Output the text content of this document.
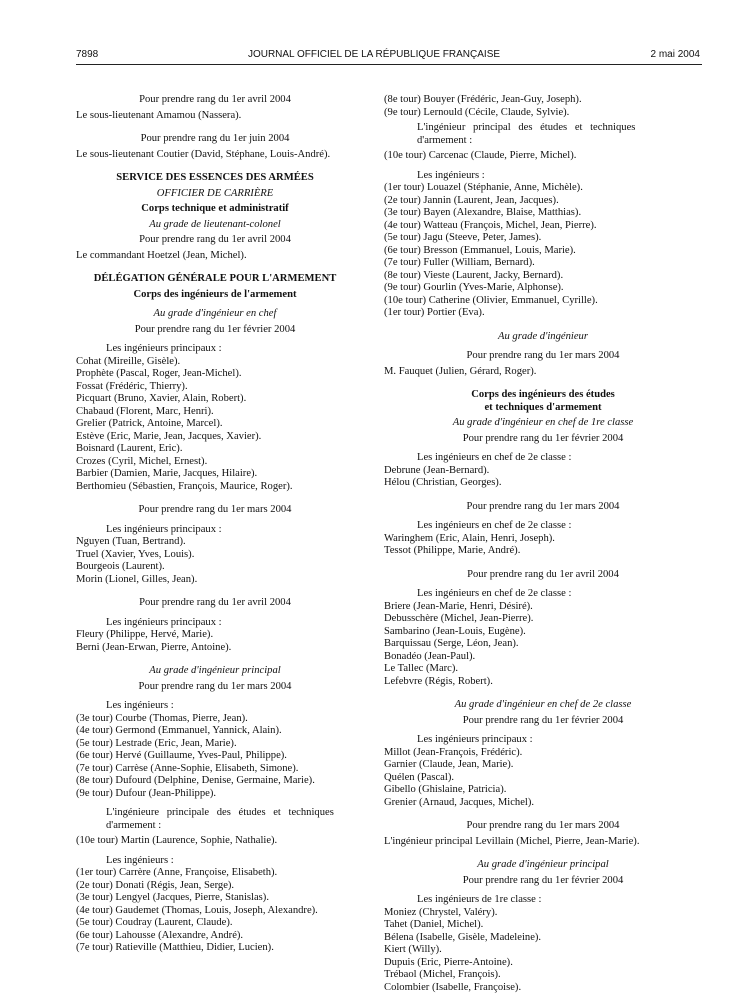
7898	JOURNAL OFFICIEL DE LA RÉPUBLIQUE FRANÇAISE	2 mai 2004
Pour prendre rang du 1er avril 2004
Le sous-lieutenant Amamou (Nassera).
Pour prendre rang du 1er juin 2004
Le sous-lieutenant Coutier (David, Stéphane, Louis-André).
SERVICE DES ESSENCES DES ARMÉES
OFFICIER DE CARRIÈRE
Corps technique et administratif
Au grade de lieutenant-colonel
Pour prendre rang du 1er avril 2004
Le commandant Hoetzel (Jean, Michel).
DÉLÉGATION GÉNÉRALE POUR L'ARMEMENT
Corps des ingénieurs de l'armement
Au grade d'ingénieur en chef
Pour prendre rang du 1er février 2004
Les ingénieurs principaux :
Cohat (Mireille, Gisèle).
Prophète (Pascal, Roger, Jean-Michel).
Fossat (Frédéric, Thierry).
Picquart (Bruno, Xavier, Alain, Robert).
Chabaud (Florent, Marc, Henri).
Grelier (Patrick, Antoine, Marcel).
Estève (Eric, Marie, Jean, Jacques, Xavier).
Boisnard (Laurent, Eric).
Crozes (Cyril, Michel, Ernest).
Barbier (Damien, Marie, Jacques, Hilaire).
Berthomieu (Sébastien, François, Maurice, Roger).
Pour prendre rang du 1er mars 2004
Les ingénieurs principaux :
Nguyen (Tuan, Bertrand).
Truel (Xavier, Yves, Louis).
Bourgeois (Laurent).
Morin (Lionel, Gilles, Jean).
Pour prendre rang du 1er avril 2004
Les ingénieurs principaux :
Fleury (Philippe, Hervé, Marie).
Berni (Jean-Erwan, Pierre, Antoine).
Au grade d'ingénieur principal
Pour prendre rang du 1er mars 2004
Les ingénieurs :
(3e tour) Courbe (Thomas, Pierre, Jean).
(4e tour) Germond (Emmanuel, Yannick, Alain).
(5e tour) Lestrade (Eric, Jean, Marie).
(6e tour) Hervé (Guillaume, Yves-Paul, Philippe).
(7e tour) Carrèse (Anne-Sophie, Elisabeth, Simone).
(8e tour) Dufourd (Delphine, Denise, Germaine, Marie).
(9e tour) Dufour (Jean-Philippe).
L'ingénieure principale des études et techniques
d'armement :
(10e tour) Martin (Laurence, Sophie, Nathalie).
Les ingénieurs :
(1er tour) Carrère (Anne, Françoise, Elisabeth).
(2e tour) Donati (Régis, Jean, Serge).
(3e tour) Lengyel (Jacques, Pierre, Stanislas).
(4e tour) Gaudemet (Thomas, Louis, Joseph, Alexandre).
(5e tour) Coudray (Laurent, Claude).
(6e tour) Lahousse (Alexandre, André).
(7e tour) Ratieville (Matthieu, Didier, Lucien).
(8e tour) Bouyer (Frédéric, Jean-Guy, Joseph).
(9e tour) Lernould (Cécile, Claude, Sylvie).
L'ingénieur principal des études et techniques
d'armement :
(10e tour) Carcenac (Claude, Pierre, Michel).
Les ingénieurs :
(1er tour) Louazel (Stéphanie, Anne, Michèle).
(2e tour) Jannin (Laurent, Jean, Jacques).
(3e tour) Bayen (Alexandre, Blaise, Matthias).
(4e tour) Watteau (François, Michel, Jean, Pierre).
(5e tour) Jagu (Steeve, Peter, James).
(6e tour) Bresson (Emmanuel, Louis, Marie).
(7e tour) Fuller (William, Bernard).
(8e tour) Vieste (Laurent, Jacky, Bernard).
(9e tour) Gourlin (Yves-Marie, Alphonse).
(10e tour) Catherine (Olivier, Emmanuel, Cyrille).
(1er tour) Portier (Eva).
Au grade d'ingénieur
Pour prendre rang du 1er mars 2004
M. Fauquet (Julien, Gérard, Roger).
Corps des ingénieurs des études
et techniques d'armement
Au grade d'ingénieur en chef de 1re classe
Pour prendre rang du 1er février 2004
Les ingénieurs en chef de 2e classe :
Debrune (Jean-Bernard).
Hélou (Christian, Georges).
Pour prendre rang du 1er mars 2004
Les ingénieurs en chef de 2e classe :
Waringhem (Eric, Alain, Henri, Joseph).
Tessot (Philippe, Marie, André).
Pour prendre rang du 1er avril 2004
Les ingénieurs en chef de 2e classe :
Briere (Jean-Marie, Henri, Désiré).
Debusschère (Michel, Jean-Pierre).
Sambarino (Jean-Louis, Eugène).
Barquissau (Serge, Léon, Jean).
Bonadéo (Jean-Paul).
Le Tallec (Marc).
Lefebvre (Régis, Robert).
Au grade d'ingénieur en chef de 2e classe
Pour prendre rang du 1er février 2004
Les ingénieurs principaux :
Millot (Jean-François, Frédéric).
Garnier (Claude, Jean, Marie).
Quélen (Pascal).
Gibello (Ghislaine, Patricia).
Grenier (Arnaud, Jacques, Michel).
Pour prendre rang du 1er mars 2004
L'ingénieur principal Levillain (Michel, Pierre, Jean-Marie).
Au grade d'ingénieur principal
Pour prendre rang du 1er février 2004
Les ingénieurs de 1re classe :
Moniez (Chrystel, Valéry).
Tahet (Daniel, Michel).
Bélena (Isabelle, Gisèle, Madeleine).
Kiert (Willy).
Dupuis (Eric, Pierre-Antoine).
Trébaol (Michel, François).
Colombier (Isabelle, Françoise).
